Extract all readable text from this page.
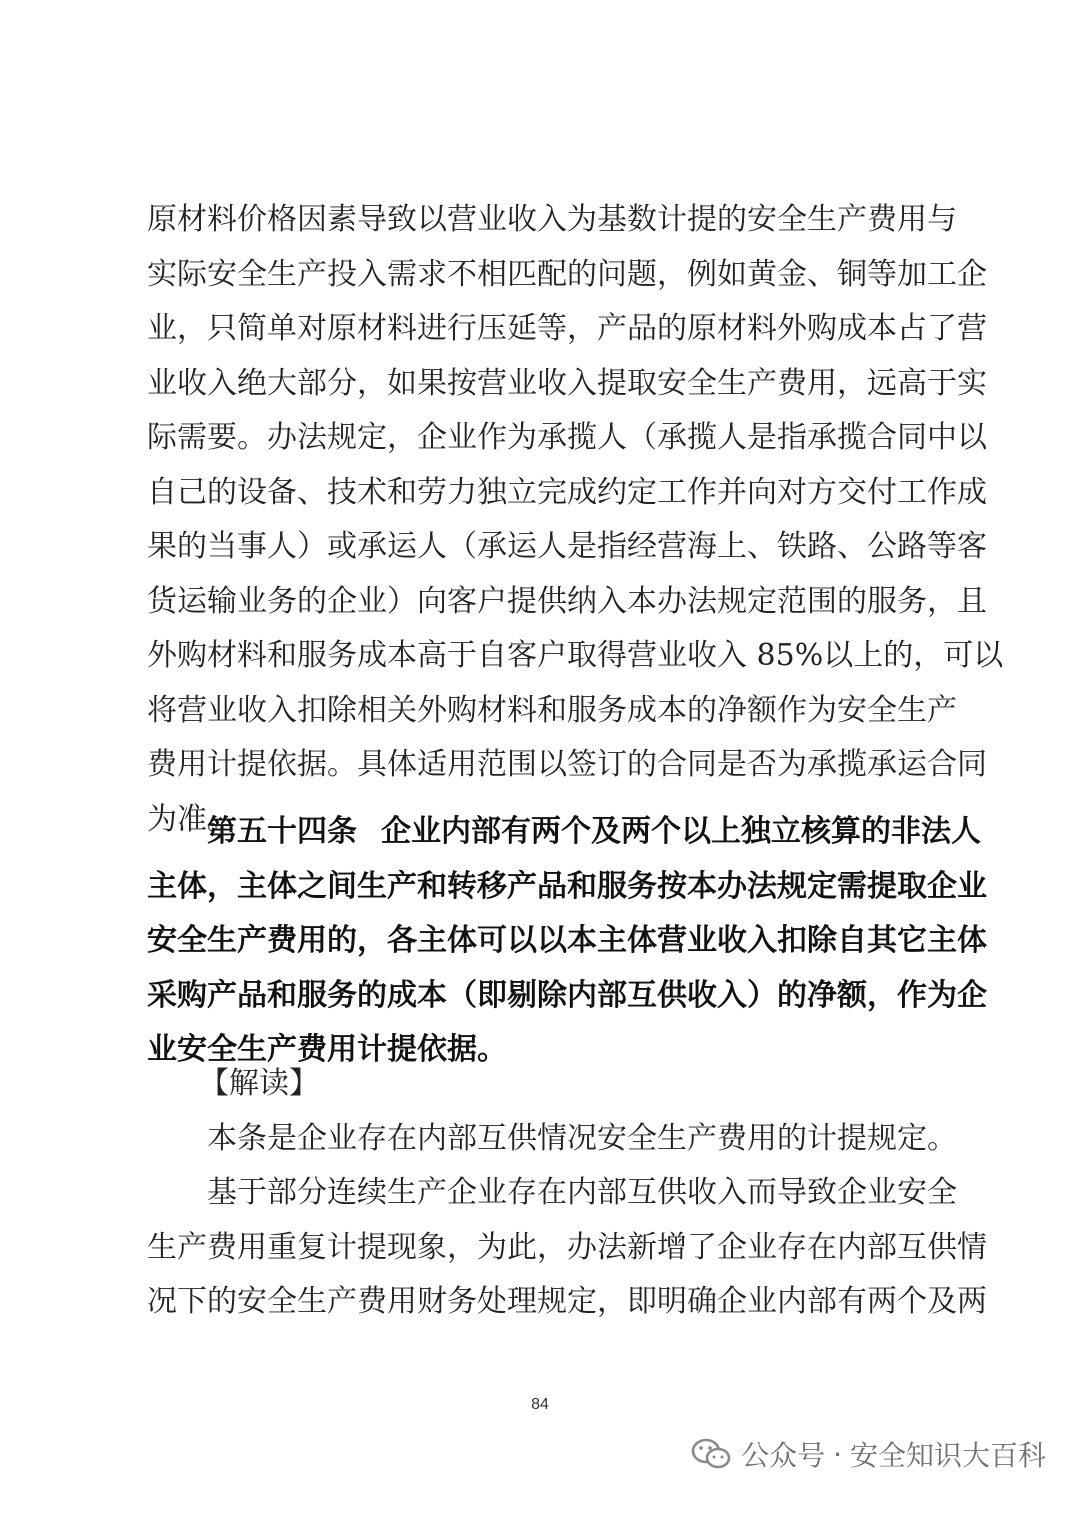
原材料价格因素导致以营业收入为基数计提的安全生产费用与
实际安全生产投入需求不相匹配的问题，例如黄金、铜等加工企
业，只简单对原材料进行压延等，产品的原材料外购成本占了营
业收入绝大部分，如果按营业收入提取安全生产费用，远高于实
际需要。办法规定，企业作为承揽人（承揽人是指承揽合同中以
自己的设备、技术和劳力独立完成约定工作并向对方交付工作成
果的当事人）或承运人（承运人是指经营海上、铁路、公路等客
货运输业务的企业）向客户提供纳入本办法规定范围的服务，且
外购材料和服务成本高于自客户取得营业收入 85%以上的，可以
将营业收入扣除相关外购材料和服务成本的净额作为安全生产
费用计提依据。具体适用范围以签订的合同是否为承揽承运合同
为准。
第五十四条 企业内部有两个及两个以上独立核算的非法人
主体，主体之间生产和转移产品和服务按本办法规定需提取企业
安全生产费用的，各主体可以以本主体营业收入扣除自其它主体
采购产品和服务的成本（即剔除内部互供收入）的净额，作为企
业安全生产费用计提依据。
【解读】
本条是企业存在内部互供情况安全生产费用的计提规定。
基于部分连续生产企业存在内部互供收入而导致企业安全
生产费用重复计提现象，为此，办法新增了企业存在内部互供情
况下的安全生产费用财务处理规定，即明确企业内部有两个及两
84
公众号 · 安全知识大百科
